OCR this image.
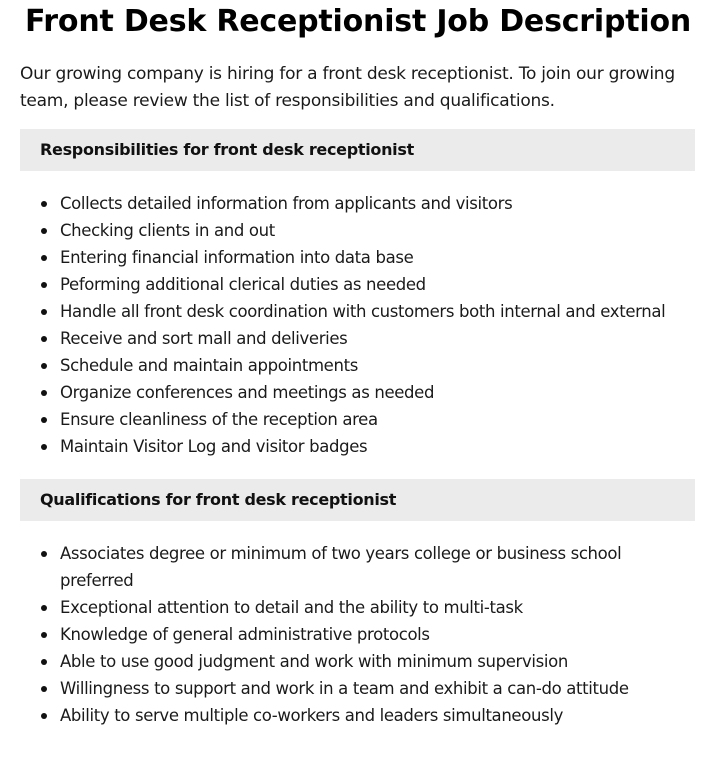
Front Desk Receptionist Job Description

Our growing company is hiring for a front desk receptionist. To join our growing team, please review the list of responsibilities and qualifications.

Responsibilities for front desk receptionist
Collects detailed information from applicants and visitors
Checking clients in and out
Entering financial information into data base
Peforming additional clerical duties as needed
Handle all front desk coordination with customers both internal and external
Receive and sort mall and deliveries
Schedule and maintain appointments
Organize conferences and meetings as needed
Ensure cleanliness of the reception area
Maintain Visitor Log and visitor badges
Qualifications for front desk receptionist
Associates degree or minimum of two years college or business school preferred
Exceptional attention to detail and the ability to multi-task
Knowledge of general administrative protocols
Able to use good judgment and work with minimum supervision
Willingness to support and work in a team and exhibit a can-do attitude
Ability to serve multiple co-workers and leaders simultaneously
